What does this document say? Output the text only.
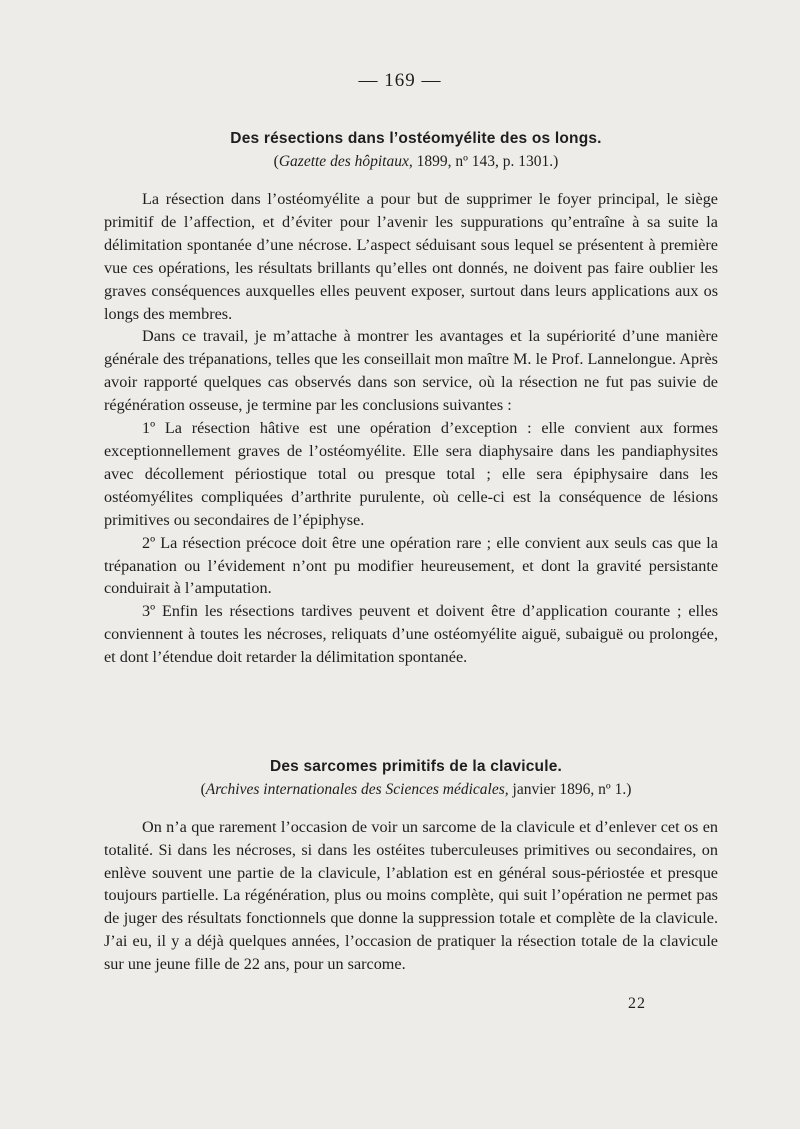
— 169 —
Des résections dans l’ostéomyélite des os longs.
(Gazette des hôpitaux, 1899, nº 143, p. 1301.)

La résection dans l’ostéomyélite a pour but de supprimer le foyer principal, le siège primitif de l’affection, et d’éviter pour l’avenir les suppurations qu’entraîne à sa suite la délimitation spontanée d’une nécrose. L’aspect séduisant sous lequel se présentent à première vue ces opérations, les résultats brillants qu’elles ont donnés, ne doivent pas faire oublier les graves conséquences auxquelles elles peuvent exposer, surtout dans leurs applications aux os longs des membres.

Dans ce travail, je m’attache à montrer les avantages et la supériorité d’une manière générale des trépanations, telles que les conseillait mon maître M. le Prof. Lannelongue. Après avoir rapporté quelques cas observés dans son service, où la résection ne fut pas suivie de régénération osseuse, je termine par les conclusions suivantes :

1º La résection hâtive est une opération d’exception : elle convient aux formes exceptionnellement graves de l’ostéomyélite. Elle sera diaphysaire dans les pandiaphysites avec décollement périostique total ou presque total ; elle sera épiphysaire dans les ostéomyélites compliquées d’arthrite purulente, où celle-ci est la conséquence de lésions primitives ou secondaires de l’épiphyse.

2º La résection précoce doit être une opération rare ; elle convient aux seuls cas que la trépanation ou l’évidement n’ont pu modifier heureusement, et dont la gravité persistante conduirait à l’amputation.

3º Enfin les résections tardives peuvent et doivent être d’application courante ; elles conviennent à toutes les nécroses, reliquats d’une ostéomyélite aiguë, subaiguë ou prolongée, et dont l’étendue doit retarder la délimitation spontanée.

Des sarcomes primitifs de la clavicule.
(Archives internationales des Sciences médicales, janvier 1896, nº 1.)

On n’a que rarement l’occasion de voir un sarcome de la clavicule et d’enlever cet os en totalité. Si dans les nécroses, si dans les ostéites tuberculeuses primitives ou secondaires, on enlève souvent une partie de la clavicule, l’ablation est en général sous-périostée et presque toujours partielle. La régénération, plus ou moins complète, qui suit l’opération ne permet pas de juger des résultats fonctionnels que donne la suppression totale et complète de la clavicule. J’ai eu, il y a déjà quelques années, l’occasion de pratiquer la résection totale de la clavicule sur une jeune fille de 22 ans, pour un sarcome.

22
